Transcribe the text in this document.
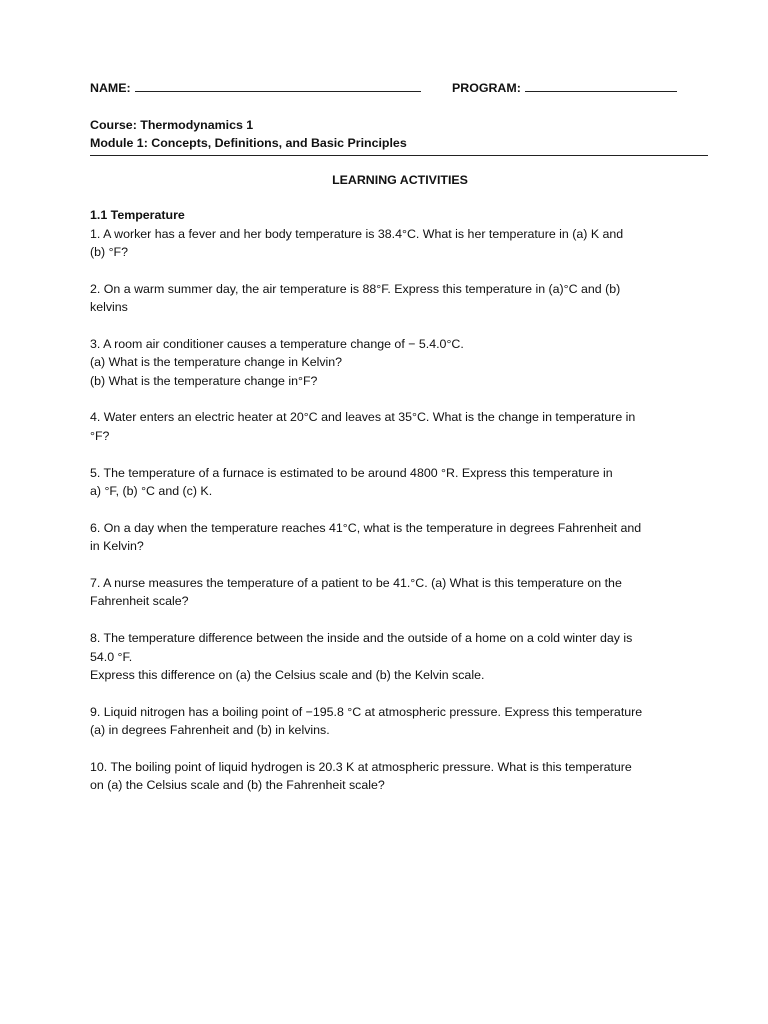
NAME:	PROGRAM:
Course: Thermodynamics 1
Module 1: Concepts, Definitions, and Basic Principles
LEARNING ACTIVITIES
1.1 Temperature
1. A worker has a fever and her body temperature is 38.4°C. What is her temperature in (a) K and
(b) °F?
2. On a warm summer day, the air temperature is 88°F. Express this temperature in (a)°C and (b)
kelvins
3. A room air conditioner causes a temperature change of − 5.4.0°C.
(a) What is the temperature change in Kelvin?
(b) What is the temperature change in°F?
4. Water enters an electric heater at 20°C and leaves at 35°C. What is the change in temperature in
°F?
5. The temperature of a furnace is estimated to be around 4800 °R. Express this temperature in
a) °F, (b) °C and (c) K.
6. On a day when the temperature reaches 41°C, what is the temperature in degrees Fahrenheit and
in Kelvin?
7. A nurse measures the temperature of a patient to be 41.°C. (a) What is this temperature on the
Fahrenheit scale?
8. The temperature difference between the inside and the outside of a home on a cold winter day is
54.0 °F.
Express this difference on (a) the Celsius scale and (b) the Kelvin scale.
9. Liquid nitrogen has a boiling point of −195.8 °C at atmospheric pressure. Express this temperature
(a) in degrees Fahrenheit and (b) in kelvins.
10. The boiling point of liquid hydrogen is 20.3 K at atmospheric pressure. What is this temperature
on (a) the Celsius scale and (b) the Fahrenheit scale?
